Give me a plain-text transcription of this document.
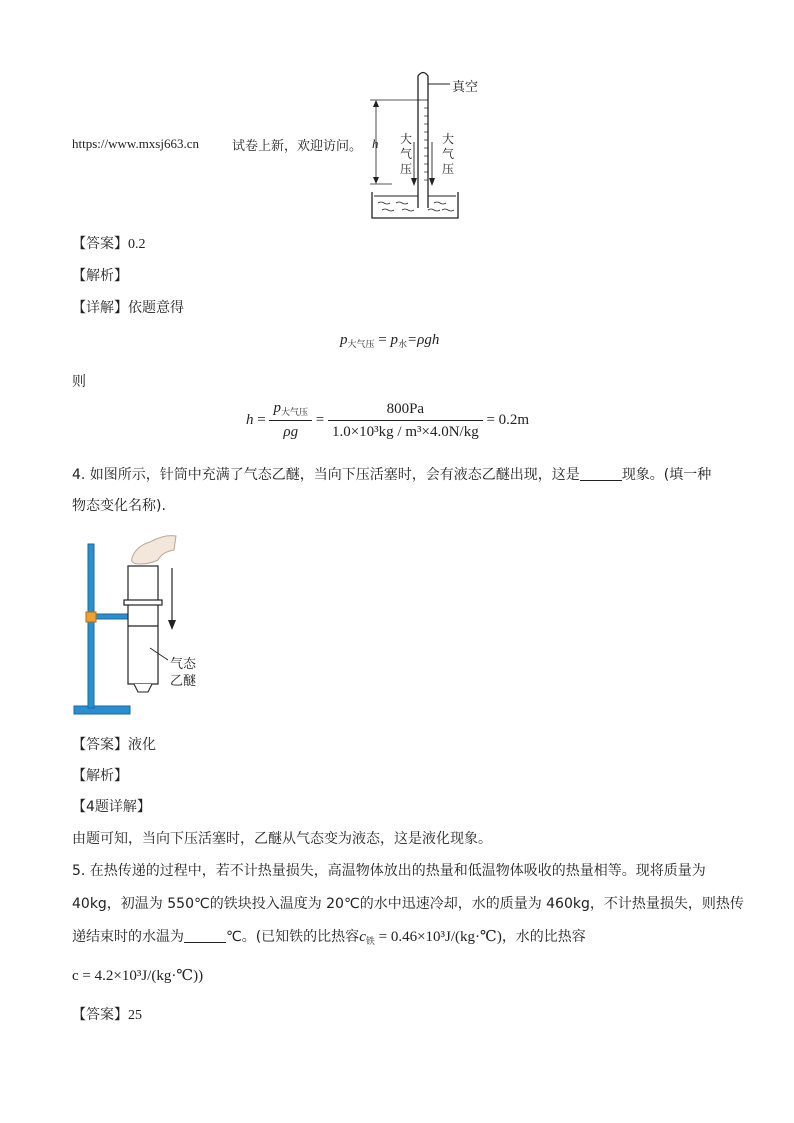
https://www.mxsj663.cn	试卷上新，欢迎访问。
真空
h 大
气
压
大
气
压
【答案】0.2
【解析】
【详解】依题意得
$p_{大气压} = p_水=\rho gh$
则
$h = \frac{p_{大气压}}{\rho g} = \frac{800Pa}{\text{1.0×10³kg / m³×4.0N/kg}} = 0.2m$
4. 如图所示，针筒中充满了气态乙醚，当向下压活塞时，会有液态乙醚出现，这是	现象。(填一种
物态变化名称).
气态
乙醚
【答案】液化
【解析】
【4题详解】
由题可知，当向下压活塞时，乙醚从气态变为液态，这是液化现象。
5. 在热传递的过程中，若不计热量损失，高温物体放出的热量和低温物体吸收的热量相等。现将质量为
40kg，初温为 550℃的铁块投入温度为 20℃的水中迅速冷却，水的质量为 460kg，不计热量损失，则热传
递结束时的水温为	℃。(已知铁的比热容$c_铁$ = 0.46×10³J/(kg·℃)，水的比热容
c = 4.2×10³J/(kg·℃))
【答案】25
